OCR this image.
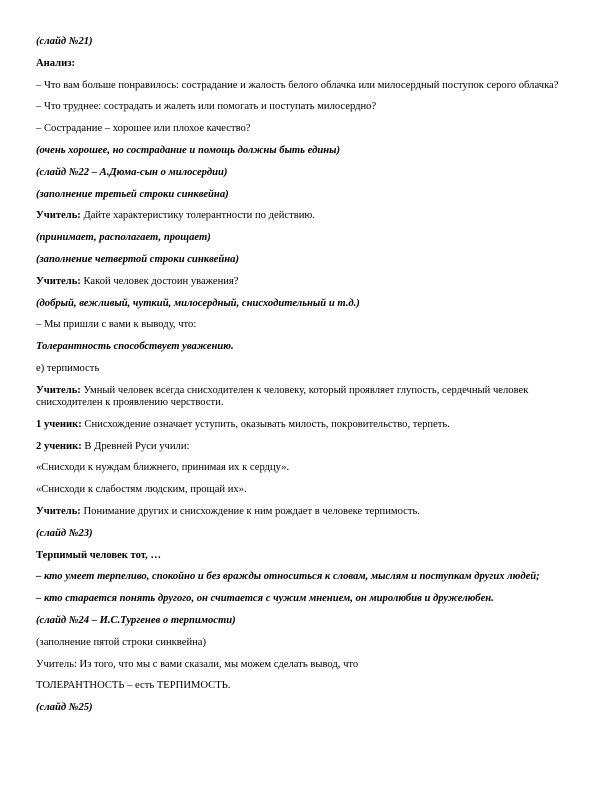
(слайд №21)

Анализ:

– Что вам больше понравилось: сострадание и жалость белого облачка или милосердный поступок серого облачка?

– Что труднее: сострадать и жалеть или помогать и поступать милосердно?

– Сострадание – хорошее или плохое качество?

(очень хорошее, но сострадание и помощь должны быть едины)

(слайд №22 – А.Дюма-сын о милосердии)

(заполнение третьей строки синквейна)

Учитель: Дайте характеристику толерантности по действию.

(принимает, располагает, прощает)

(заполнение четвертой строки синквейна)

Учитель: Какой человек достоин уважения?

(добрый, вежливый, чуткий, милосердный, снисходительный и т.д.)

– Мы пришли с вами к выводу, что:

Толерантность способствует уважению.

е) терпимость

Учитель: Умный человек всегда снисходителен к человеку, который проявляет глупость, сердечный человек снисходителен к проявлению черствости.

1 ученик: Снисхождение означает уступить, оказывать милость, покровительство, терпеть.

2 ученик: В Древней Руси учили:

«Снисходи к нуждам ближнего, принимая их к сердцу».

«Снисходи к слабостям людским, прощай их».

Учитель: Понимание других и снисхождение к ним рождает в человеке терпимость.

(слайд №23)

Терпимый человек тот, …

– кто умеет терпеливо, спокойно и без вражды относиться к словам, мыслям и поступкам других людей;

– кто старается понять другого, он считается с чужим мнением, он миролюбив и дружелюбен.

(слайд №24 – И.С.Тургенев о терпимости)

(заполнение пятой строки синквейна)

Учитель: Из того, что мы с вами сказали, мы можем сделать вывод, что

ТОЛЕРАНТНОСТЬ – есть ТЕРПИМОСТЬ.

(слайд №25)
